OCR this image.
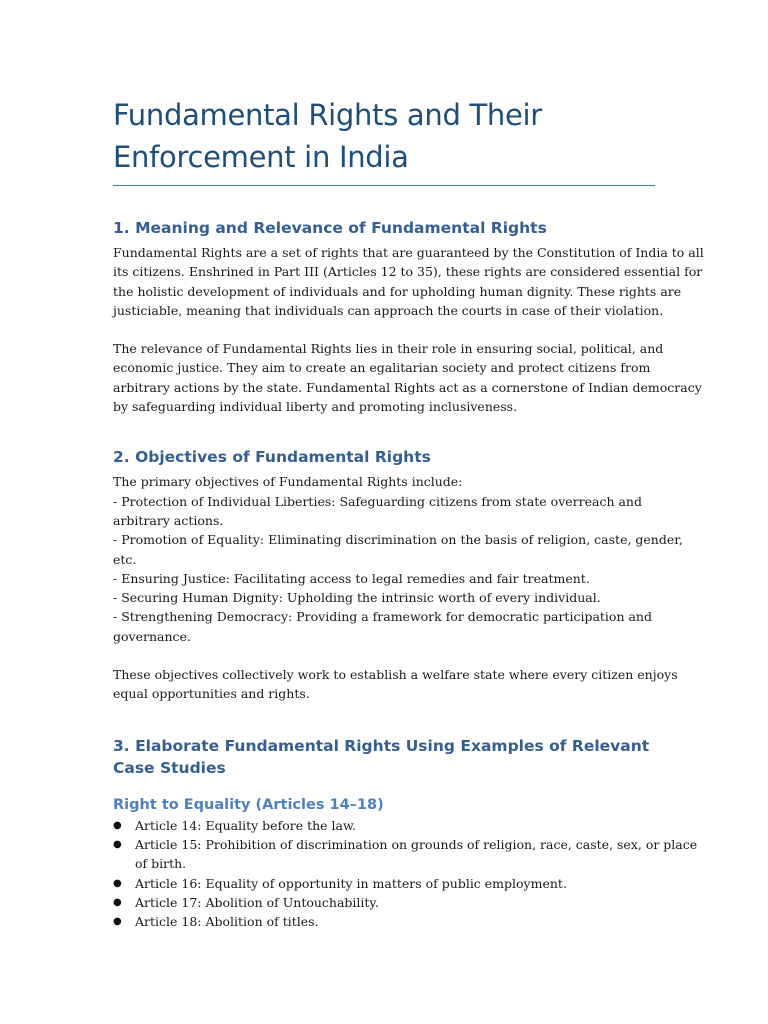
Fundamental Rights and Their
Enforcement in India
1. Meaning and Relevance of Fundamental Rights

Fundamental Rights are a set of rights that are guaranteed by the Constitution of India to all
its citizens. Enshrined in Part III (Articles 12 to 35), these rights are considered essential for
the holistic development of individuals and for upholding human dignity. These rights are
justiciable, meaning that individuals can approach the courts in case of their violation.

The relevance of Fundamental Rights lies in their role in ensuring social, political, and
economic justice. They aim to create an egalitarian society and protect citizens from
arbitrary actions by the state. Fundamental Rights act as a cornerstone of Indian democracy
by safeguarding individual liberty and promoting inclusiveness.

2. Objectives of Fundamental Rights

The primary objectives of Fundamental Rights include:
- Protection of Individual Liberties: Safeguarding citizens from state overreach and
arbitrary actions.
- Promotion of Equality: Eliminating discrimination on the basis of religion, caste, gender,
etc.
- Ensuring Justice: Facilitating access to legal remedies and fair treatment.
- Securing Human Dignity: Upholding the intrinsic worth of every individual.
- Strengthening Democracy: Providing a framework for democratic participation and
governance.

These objectives collectively work to establish a welfare state where every citizen enjoys
equal opportunities and rights.

3. Elaborate Fundamental Rights Using Examples of Relevant Case Studies
Right to Equality (Articles 14–18)
● Article 14: Equality before the law.
● Article 15: Prohibition of discrimination on grounds of religion, race, caste, sex, or place
of birth.
● Article 16: Equality of opportunity in matters of public employment.
● Article 17: Abolition of Untouchability.
● Article 18: Abolition of titles.
